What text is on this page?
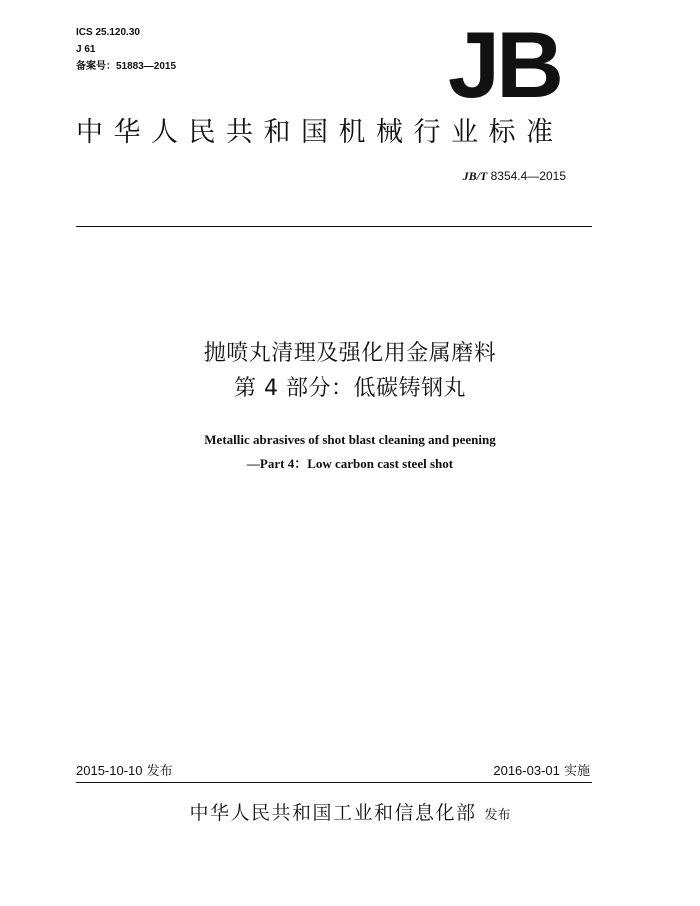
ICS 25.120.30
J 61
备案号：51883—2015	JB
中华人民共和国机械行业标准
JB/T 8354.4—2015
抛喷丸清理及强化用金属磨料
第 4 部分：低碳铸钢丸
Metallic abrasives of shot blast cleaning and peening
—Part 4：Low carbon cast steel shot
2015-10-10 发布	2016-03-01 实施
中华人民共和国工业和信息化部 发布
